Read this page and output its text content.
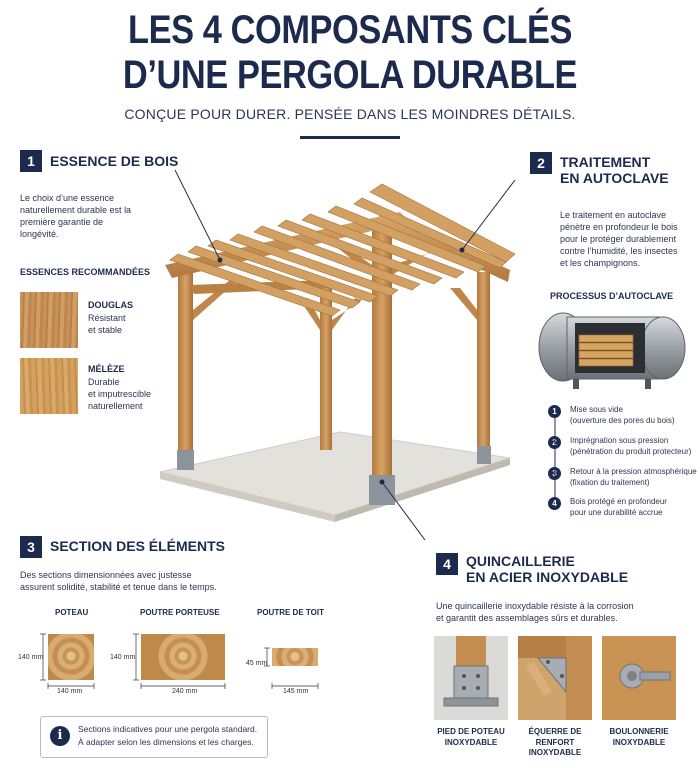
LES 4 COMPOSANTS CLÉS
D’UNE PERGOLA DURABLE
CONÇUE POUR DURER. PENSÉE DANS LES MOINDRES DÉTAILS.
1	ESSENCE DE BOIS
Le choix d’une essence naturellement durable est la première garantie de longévité.
ESSENCES RECOMMANDÉES
DOUGLAS
Résistant
et stable
MÉLÈZE
Durable
et imputrescible
naturellement
2	TRAITEMENT
EN AUTOCLAVE
Le traitement en autoclave pénètre en profondeur le bois pour le protéger durablement contre l’humidité, les insectes et les champignons.
PROCESSUS D’AUTOCLAVE
1	Mise sous vide
(ouverture des pores du bois)
2	Imprégnation sous pression
(pénétration du produit protecteur)
3	Retour à la pression atmosphérique
(fixation du traitement)
4	Bois protégé en profondeur
pour une durabilité accrue
3	SECTION DES ÉLÉMENTS
Des sections dimensionnées avec justesse
assurent solidité, stabilité et tenue dans le temps.
POTEAU	POUTRE PORTEUSE	POUTRE DE TOIT
140 mm
140 mm
140 mm
240 mm
45 mm
145 mm
i	Sections indicatives pour une pergola standard.
À adapter selon les dimensions et les charges.
4	QUINCAILLERIE
EN ACIER INOXYDABLE
Une quincaillerie inoxydable résiste à la corrosion
et garantit des assemblages sûrs et durables.
PIED DE POTEAU
INOXYDABLE
ÉQUERRE DE
RENFORT INOXYDABLE
BOULONNERIE
INOXYDABLE
